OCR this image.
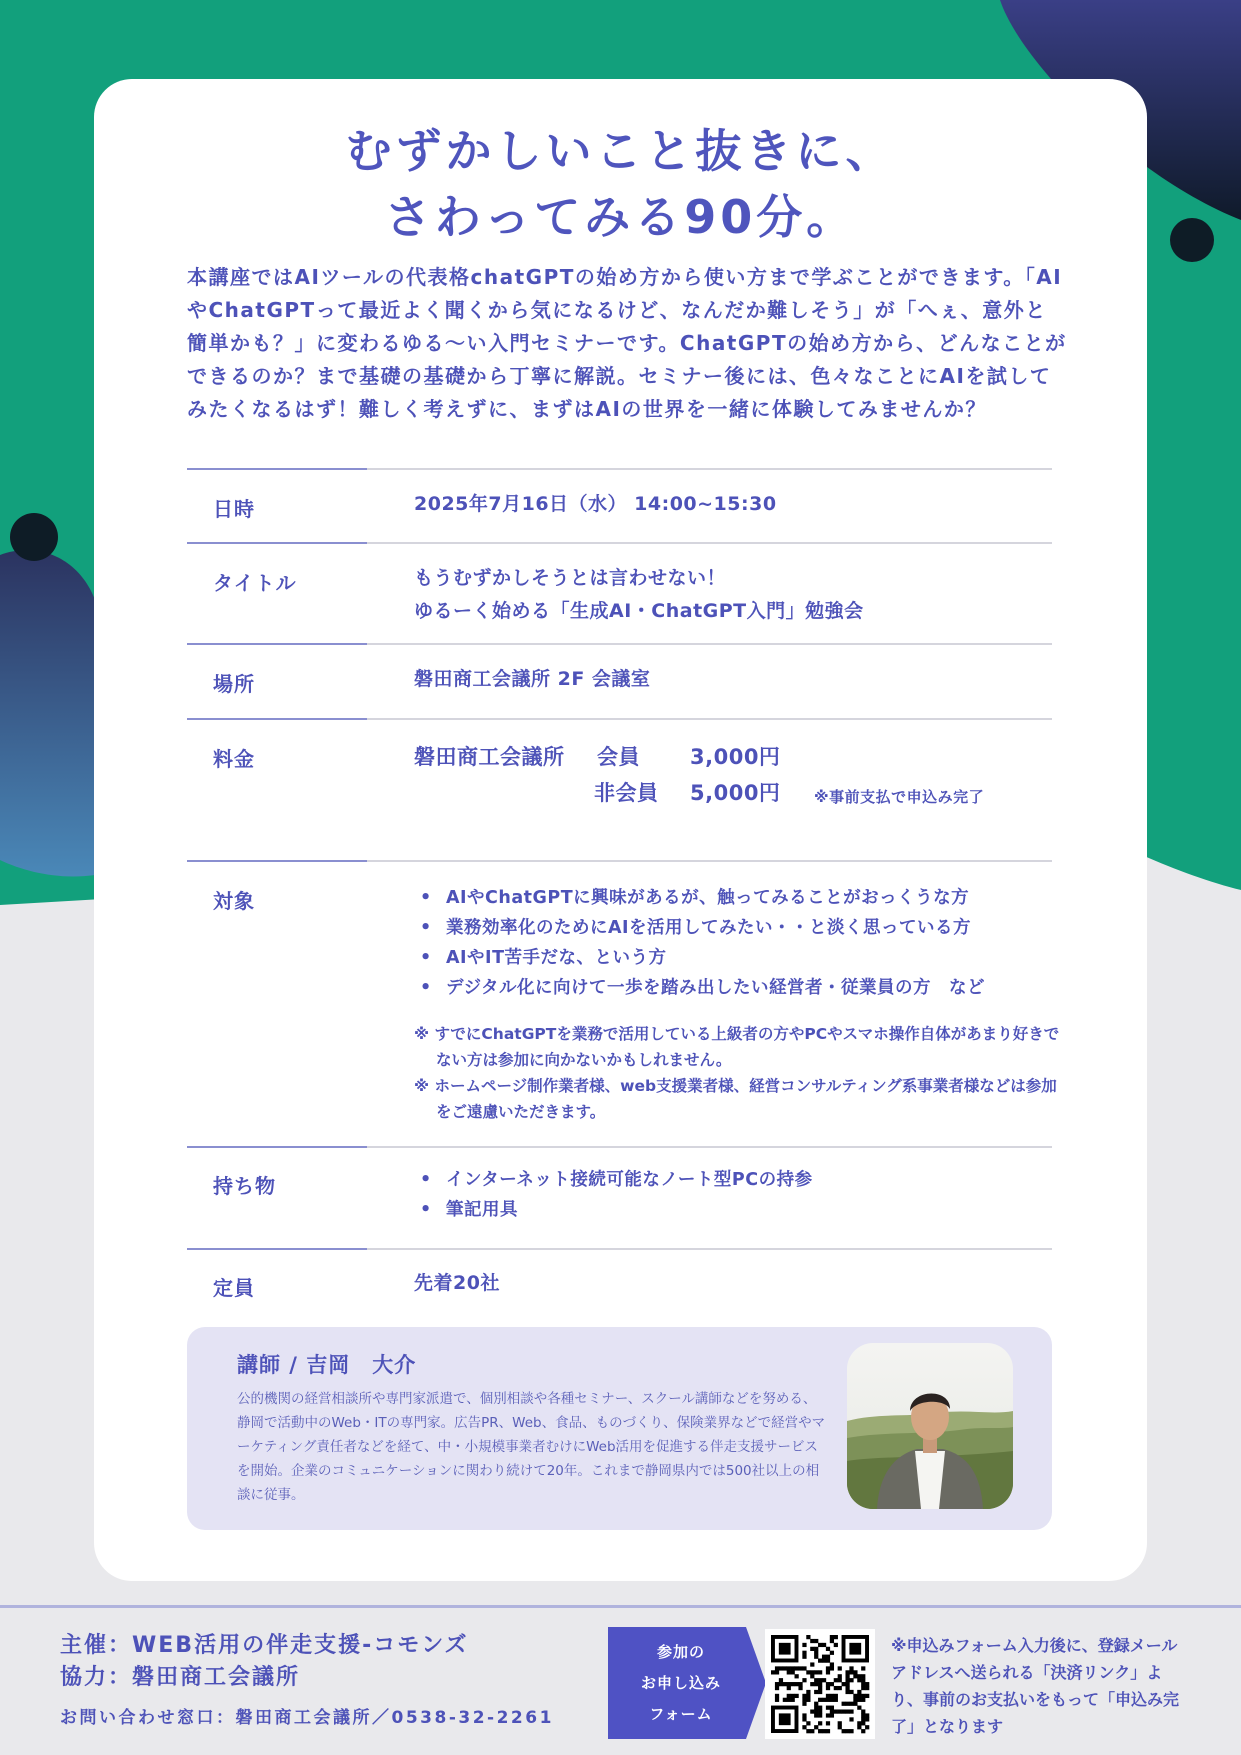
むずかしいこと抜きに、
さわってみる90分。
本講座ではAIツールの代表格chatGPTの始め方から使い方まで学ぶことができます。「AIやChatGPTって最近よく聞くから気になるけど、なんだか難しそう」が「へぇ、意外と簡単かも？」に変わるゆる〜い入門セミナーです。ChatGPTの始め方から、どんなことができるのか？まで基礎の基礎から丁寧に解説。セミナー後には、色々なことにAIを試してみたくなるはず！難しく考えずに、まずはAIの世界を一緒に体験してみませんか？
日時	2025年7月16日（水） 14:00~15:30
タイトル	もうむずかしそうとは言わせない！
ゆるーく始める「生成AI・ChatGPT入門」勉強会
場所	磐田商工会議所 2F 会議室
料金	磐田商工会議所 会員 3,000円
非会員 5,000円 ※事前支払で申込み完了
対象	• AIやChatGPTに興味があるが、触ってみることがおっくうな方
• 業務効率化のためにAIを活用してみたい・・と淡く思っている方
• AIやIT苦手だな、という方
• デジタル化に向けて一歩を踏み出したい経営者・従業員の方　など

※ すでにChatGPTを業務で活用している上級者の方やPCやスマホ操作自体があまり好きでない方は参加に向かないかもしれません。

※ ホームページ制作業者様、web支援業者様、経営コンサルティング系事業者様などは参加をご遠慮いただきます。

持ち物	• インターネット接続可能なノート型PCの持参
• 筆記用具
定員	先着20社
講師 / 吉岡　大介
公的機関の経営相談所や専門家派遣で、個別相談や各種セミナー、スクール講師などを努める、静岡で活動中のWeb・ITの専門家。広告PR、Web、食品、ものづくり、保険業界などで経営やマーケティング責任者などを経て、中・小規模事業者むけにWeb活用を促進する伴走支援サービスを開始。企業のコミュニケーションに関わり続けて20年。これまで静岡県内では500社以上の相談に従事。
主催：WEB活用の伴走支援-コモンズ
協力：磐田商工会議所
お問い合わせ窓口：磐田商工会議所／0538-32-2261
参加の
お申し込み
フォーム
※申込みフォーム入力後に、登録メールアドレスへ送られる「決済リンク」より、事前のお支払いをもって「申込み完了」となります
